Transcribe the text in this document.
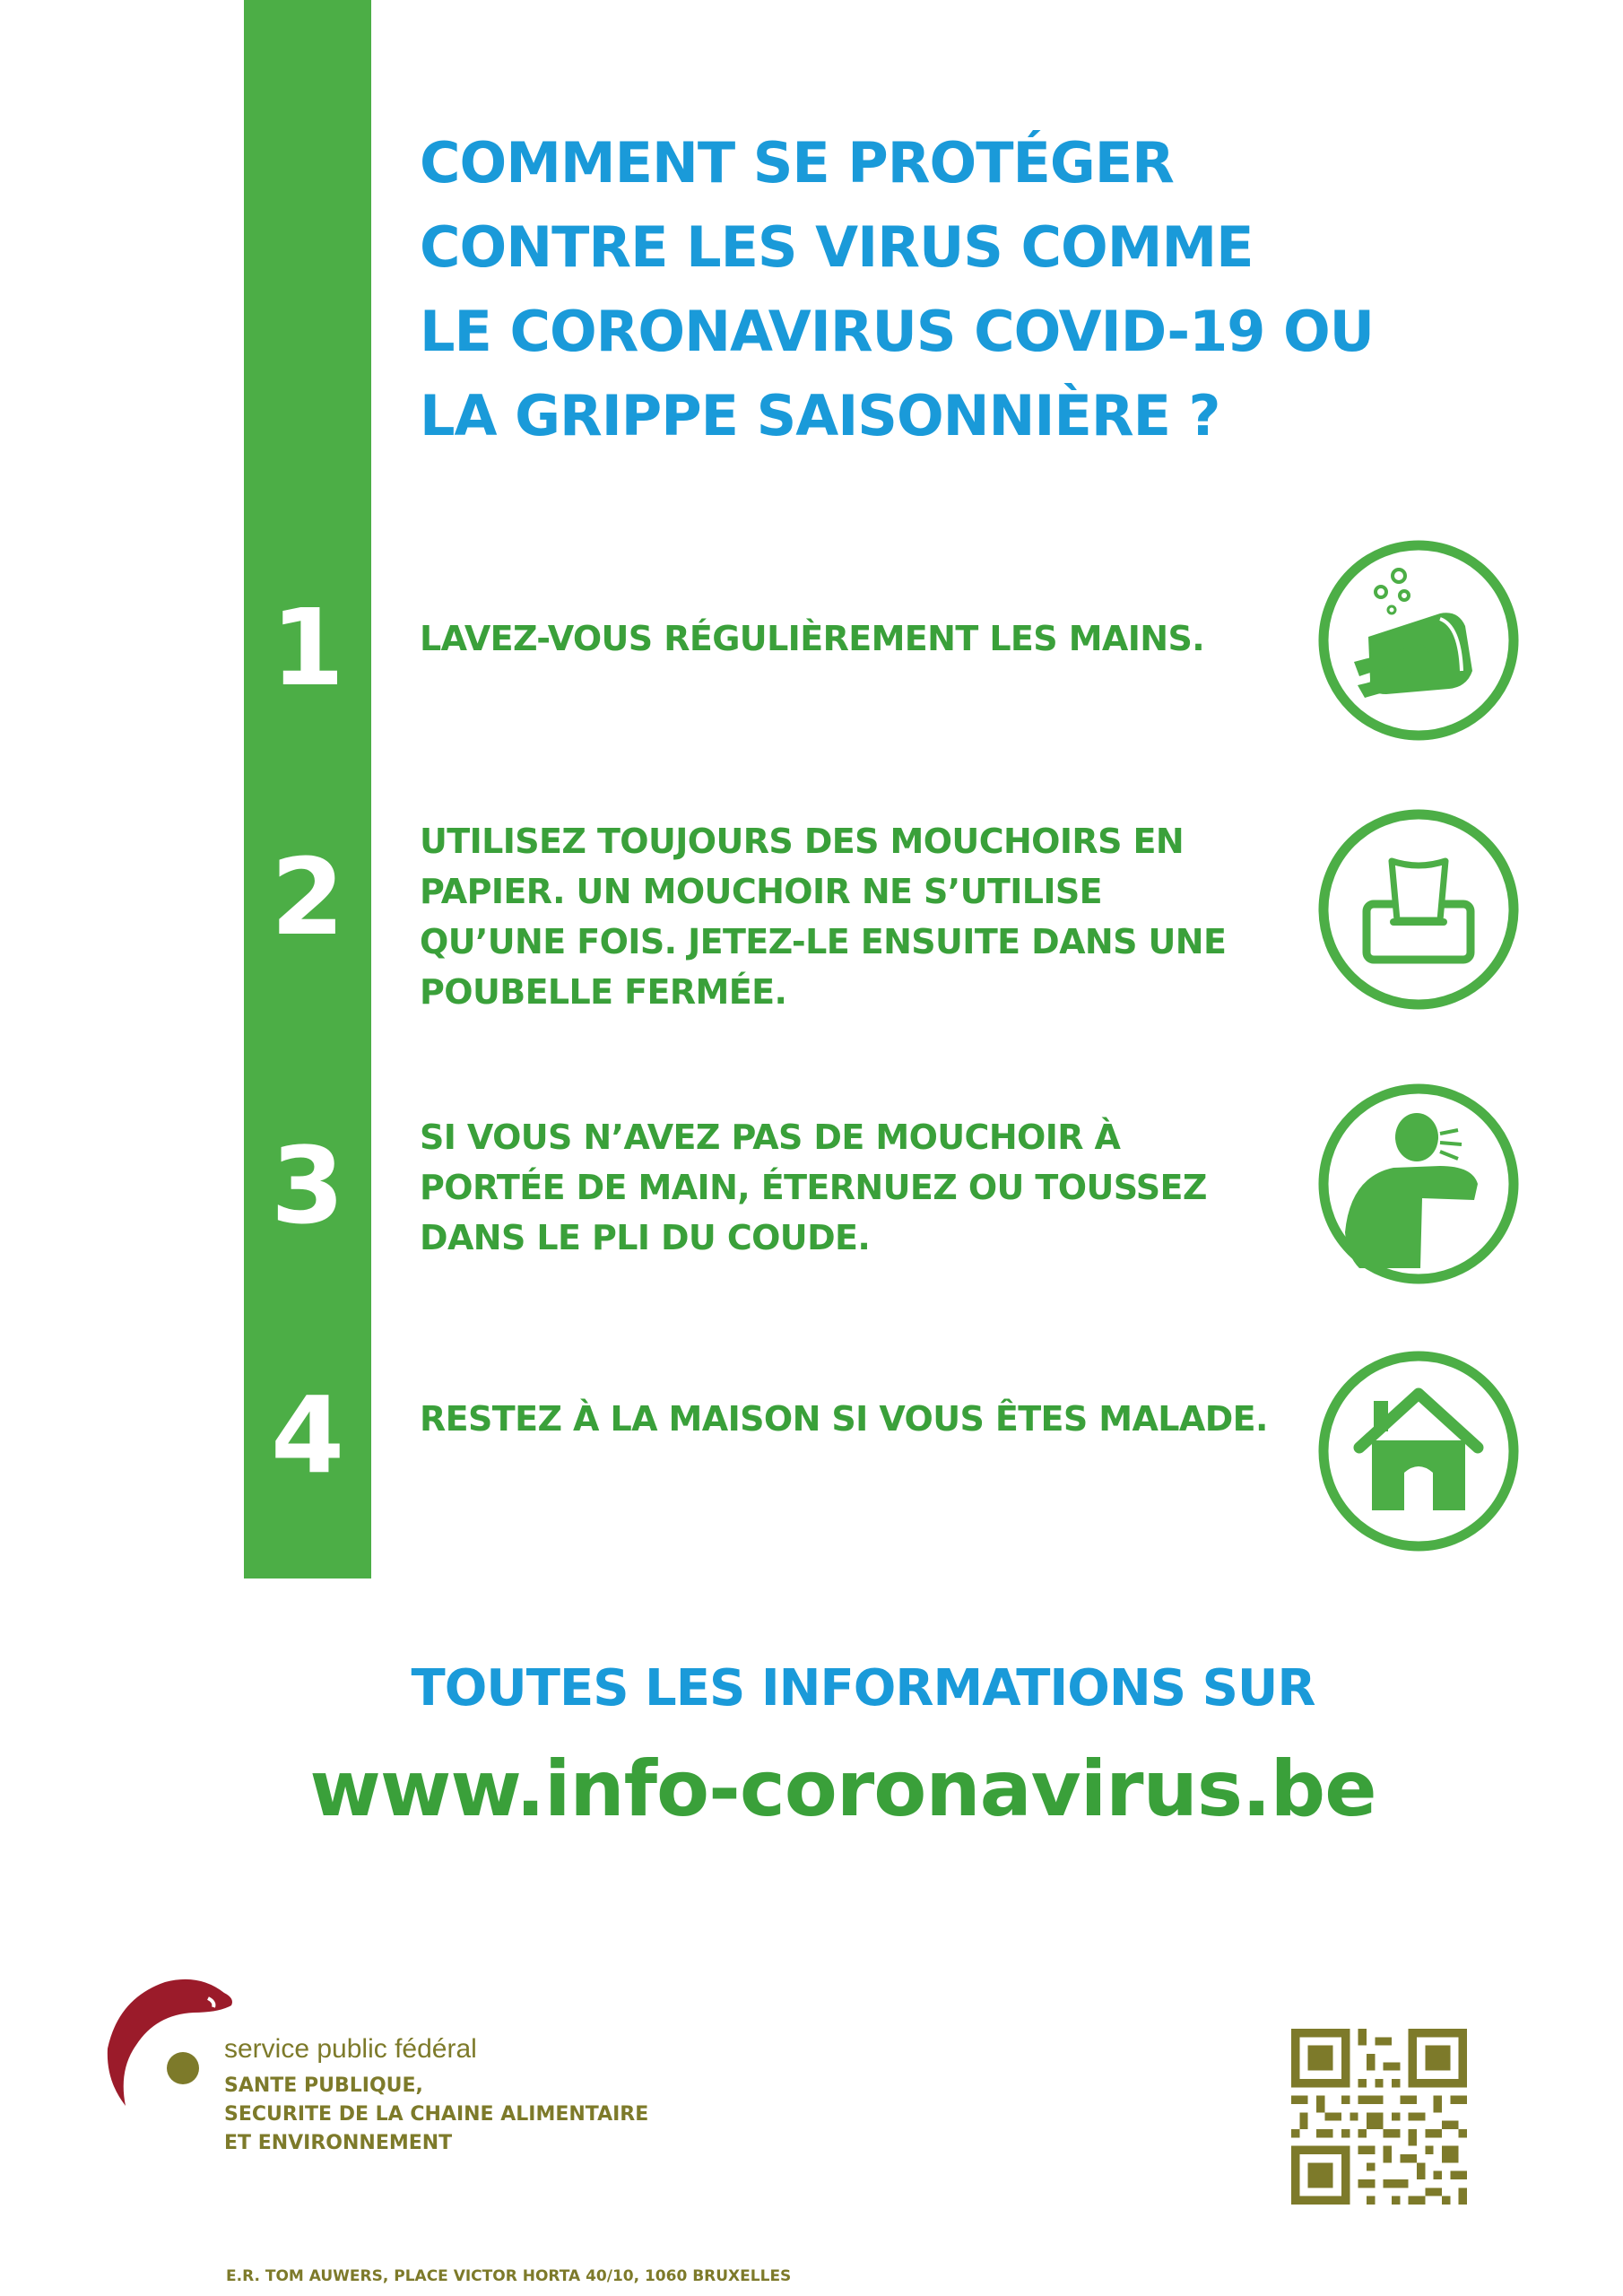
COMMENT SE PROTÉGER
CONTRE LES VIRUS COMME
LE CORONAVIRUS COVID-19 OU
LA GRIPPE SAISONNIÈRE ?
1	LAVEZ-VOUS RÉGULIÈREMENT LES MAINS.
2	UTILISEZ TOUJOURS DES MOUCHOIRS EN PAPIER. UN MOUCHOIR NE S’UTILISE QU’UNE FOIS. JETEZ-LE ENSUITE DANS UNE POUBELLE FERMÉE.
3	SI VOUS N’AVEZ PAS DE MOUCHOIR À PORTÉE DE MAIN, ÉTERNUEZ OU TOUSSEZ DANS LE PLI DU COUDE.
4	RESTEZ À LA MAISON SI VOUS ÊTES MALADE.
TOUTES LES INFORMATIONS SUR
www.info-coronavirus.be
service public fédéral
SANTE PUBLIQUE,
SECURITE DE LA CHAINE ALIMENTAIRE
ET ENVIRONNEMENT
E.R. TOM AUWERS, PLACE VICTOR HORTA 40/10, 1060 BRUXELLES
